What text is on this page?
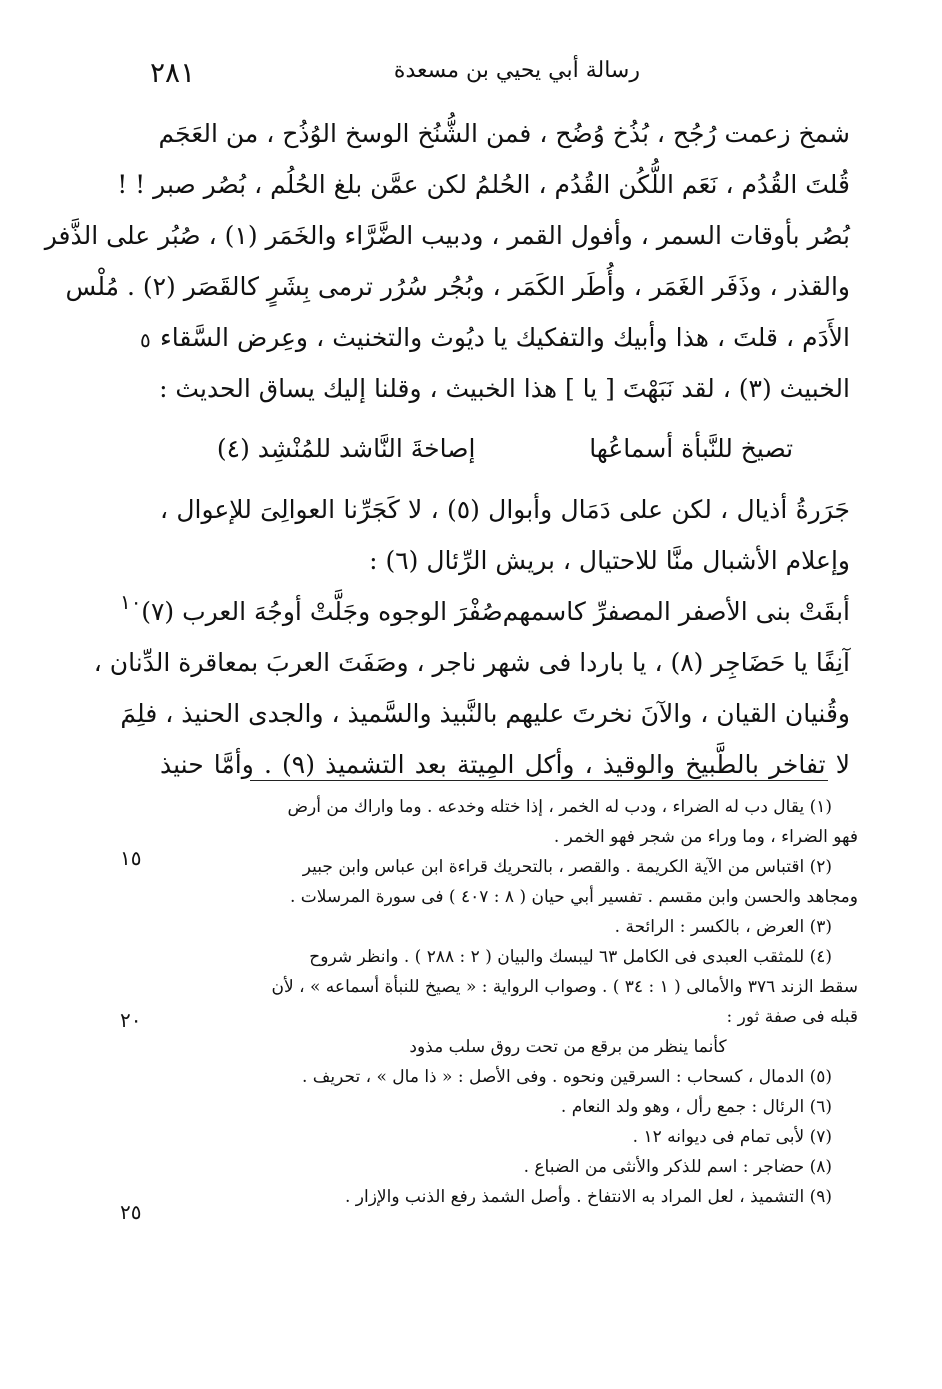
رسالة أبي يحيي بن مسعدة
٢٨١
شمخ زعمت رُجُح ، بُذُخ وُضُح ، فمن الشُّنُخ الوسخ الوُذُح ، من العَجَم
قُلتَ القُدُم ، نَعَم اللُّكُن القُدُم ، الحُلمُ لكن عمَّن بلغ الحُلُم ، بُصُر صبر ! !
بُصُر بأوقات السمر ، وأفول القمر ، ودبيب الضَّرَّاء والخَمَر (١) ، صُبُر على الذَّفر
والقذر ، وذَفَر الغَمَر ، وأُطَر الكَمَر ، وبُجُر سُرُر ترمى بِشَرٍ كالقَصَر (٢) . مُلْس
الأَدَم ، قلتَ ، هذا وأبيك والتفكيك يا ديُوث والتخنيث ، وعِرض السَّقاء
الخبيث (٣) ، لقد نَبَهْتَ [ يا ] هذا الخبيث ، وقلنا إليك يساق الحديث :
تصيخ للنَّبأة أسماعُها
إصاخةَ النَّاشد للمُنْشِد (٤)
جَرَرةُ أذيال ، لكن على دَمَال وأبوال (٥) ، لا كَجَرِّنا العوالِىَ للإعوال ،
وإعلام الأشبال منَّا للاحتيال ، بريش الرِّئال (٦) :
أبقَتْ بنى الأصفر المصفرِّ كاسمهم
صُفْرَ الوجوه وجَلَّتْ أوجُهَ العرب (٧)
آنِفًا يا حَضَاجِر (٨) ، يا باردا فى شهر ناجر ، وصَفَتَ العربَ بمعاقرة الدِّنان ،
وقُنيان القيان ، والآنَ نخرتَ عليهم بالنَّبيذ والسَّميذ ، والجدى الحنيذ ، فلِمَ
لا تفاخر بالطَّبيخ والوقيذ ، وأكل المِيتة بعد التشميذ (٩) . وأمَّا حنيذ
٥
١٠
١٥
٢٠
٢٥
(١) يقال دب له الضراء ، ودب له الخمر ، إذا ختله وخدعه . وما واراك من أرض
فهو الضراء ، وما وراء من شجر فهو الخمر .
(٢) اقتباس من الآية الكريمة . والقصر ، بالتحريك قراءة ابن عباس وابن جبير
ومجاهد والحسن وابن مقسم . تفسير أبي حيان ( ٨ : ٤٠٧ ) فى سورة المرسلات .
(٣) العرض ، بالكسر : الرائحة .
(٤) للمثقب العبدى فى الكامل ٦٣ ليبسك والبيان ( ٢ : ٢٨٨ ) . وانظر شروح
سقط الزند ٣٧٦ والأمالى ( ١ : ٣٤ ) . وصواب الرواية : « يصيخ للنبأة أسماعه » ، لأن
قبله فى صفة ثور :
كأنما ينظر من برقع من تحت روق سلب مذود
(٥) الدمال ، كسحاب : السرقين ونحوه . وفى الأصل : « ذا مال » ، تحريف .
(٦) الرئال : جمع رأل ، وهو ولد النعام .
(٧) لأبى تمام فى ديوانه ١٢ .
(٨) حضاجر : اسم للذكر والأنثى من الضباع .
(٩) التشميذ ، لعل المراد به الانتفاخ . وأصل الشمذ رفع الذنب والإزار .
